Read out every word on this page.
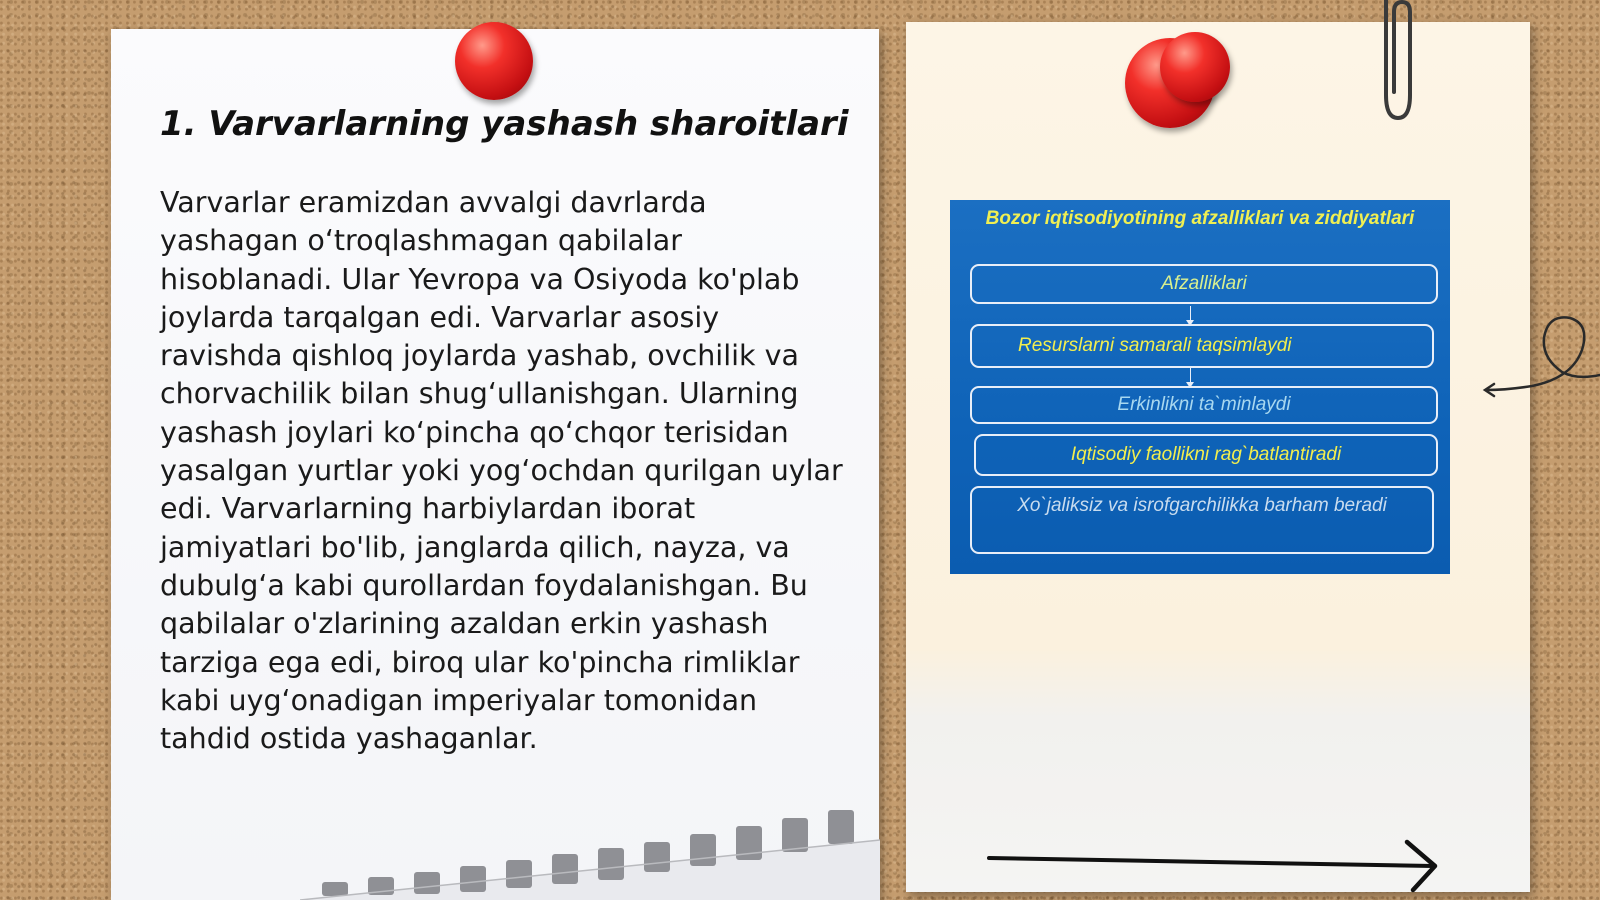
1. Varvarlarning yashash sharoitlari

Varvarlar eramizdan avvalgi davrlarda yashagan o‘troqlashmagan qabilalar hisoblanadi. Ular Yevropa va Osiyoda ko'plab joylarda tarqalgan edi. Varvarlar asosiy ravishda qishloq joylarda yashab, ovchilik va chorvachilik bilan shug‘ullanishgan. Ularning yashash joylari ko‘pincha qo‘chqor terisidan yasalgan yurtlar yoki yog‘ochdan qurilgan uylar edi. Varvarlarning harbiylardan iborat jamiyatlari bo'lib, janglarda qilich, nayza, va dubulg‘a kabi qurollardan foydalanishgan. Bu qabilalar o'zlarining azaldan erkin yashash tarziga ega edi, biroq ular ko'pincha rimliklar kabi uyg‘onadigan imperiyalar tomonidan tahdid ostida yashaganlar.

Bozor iqtisodiyotining afzalliklari va ziddiyatlari
Afzalliklari
Resurslarni samarali taqsimlaydi
Erkinlikni ta`minlaydi
Iqtisodiy faollikni rag`batlantiradi
Xo`jaliksiz va isrofgarchilikka barham beradi
